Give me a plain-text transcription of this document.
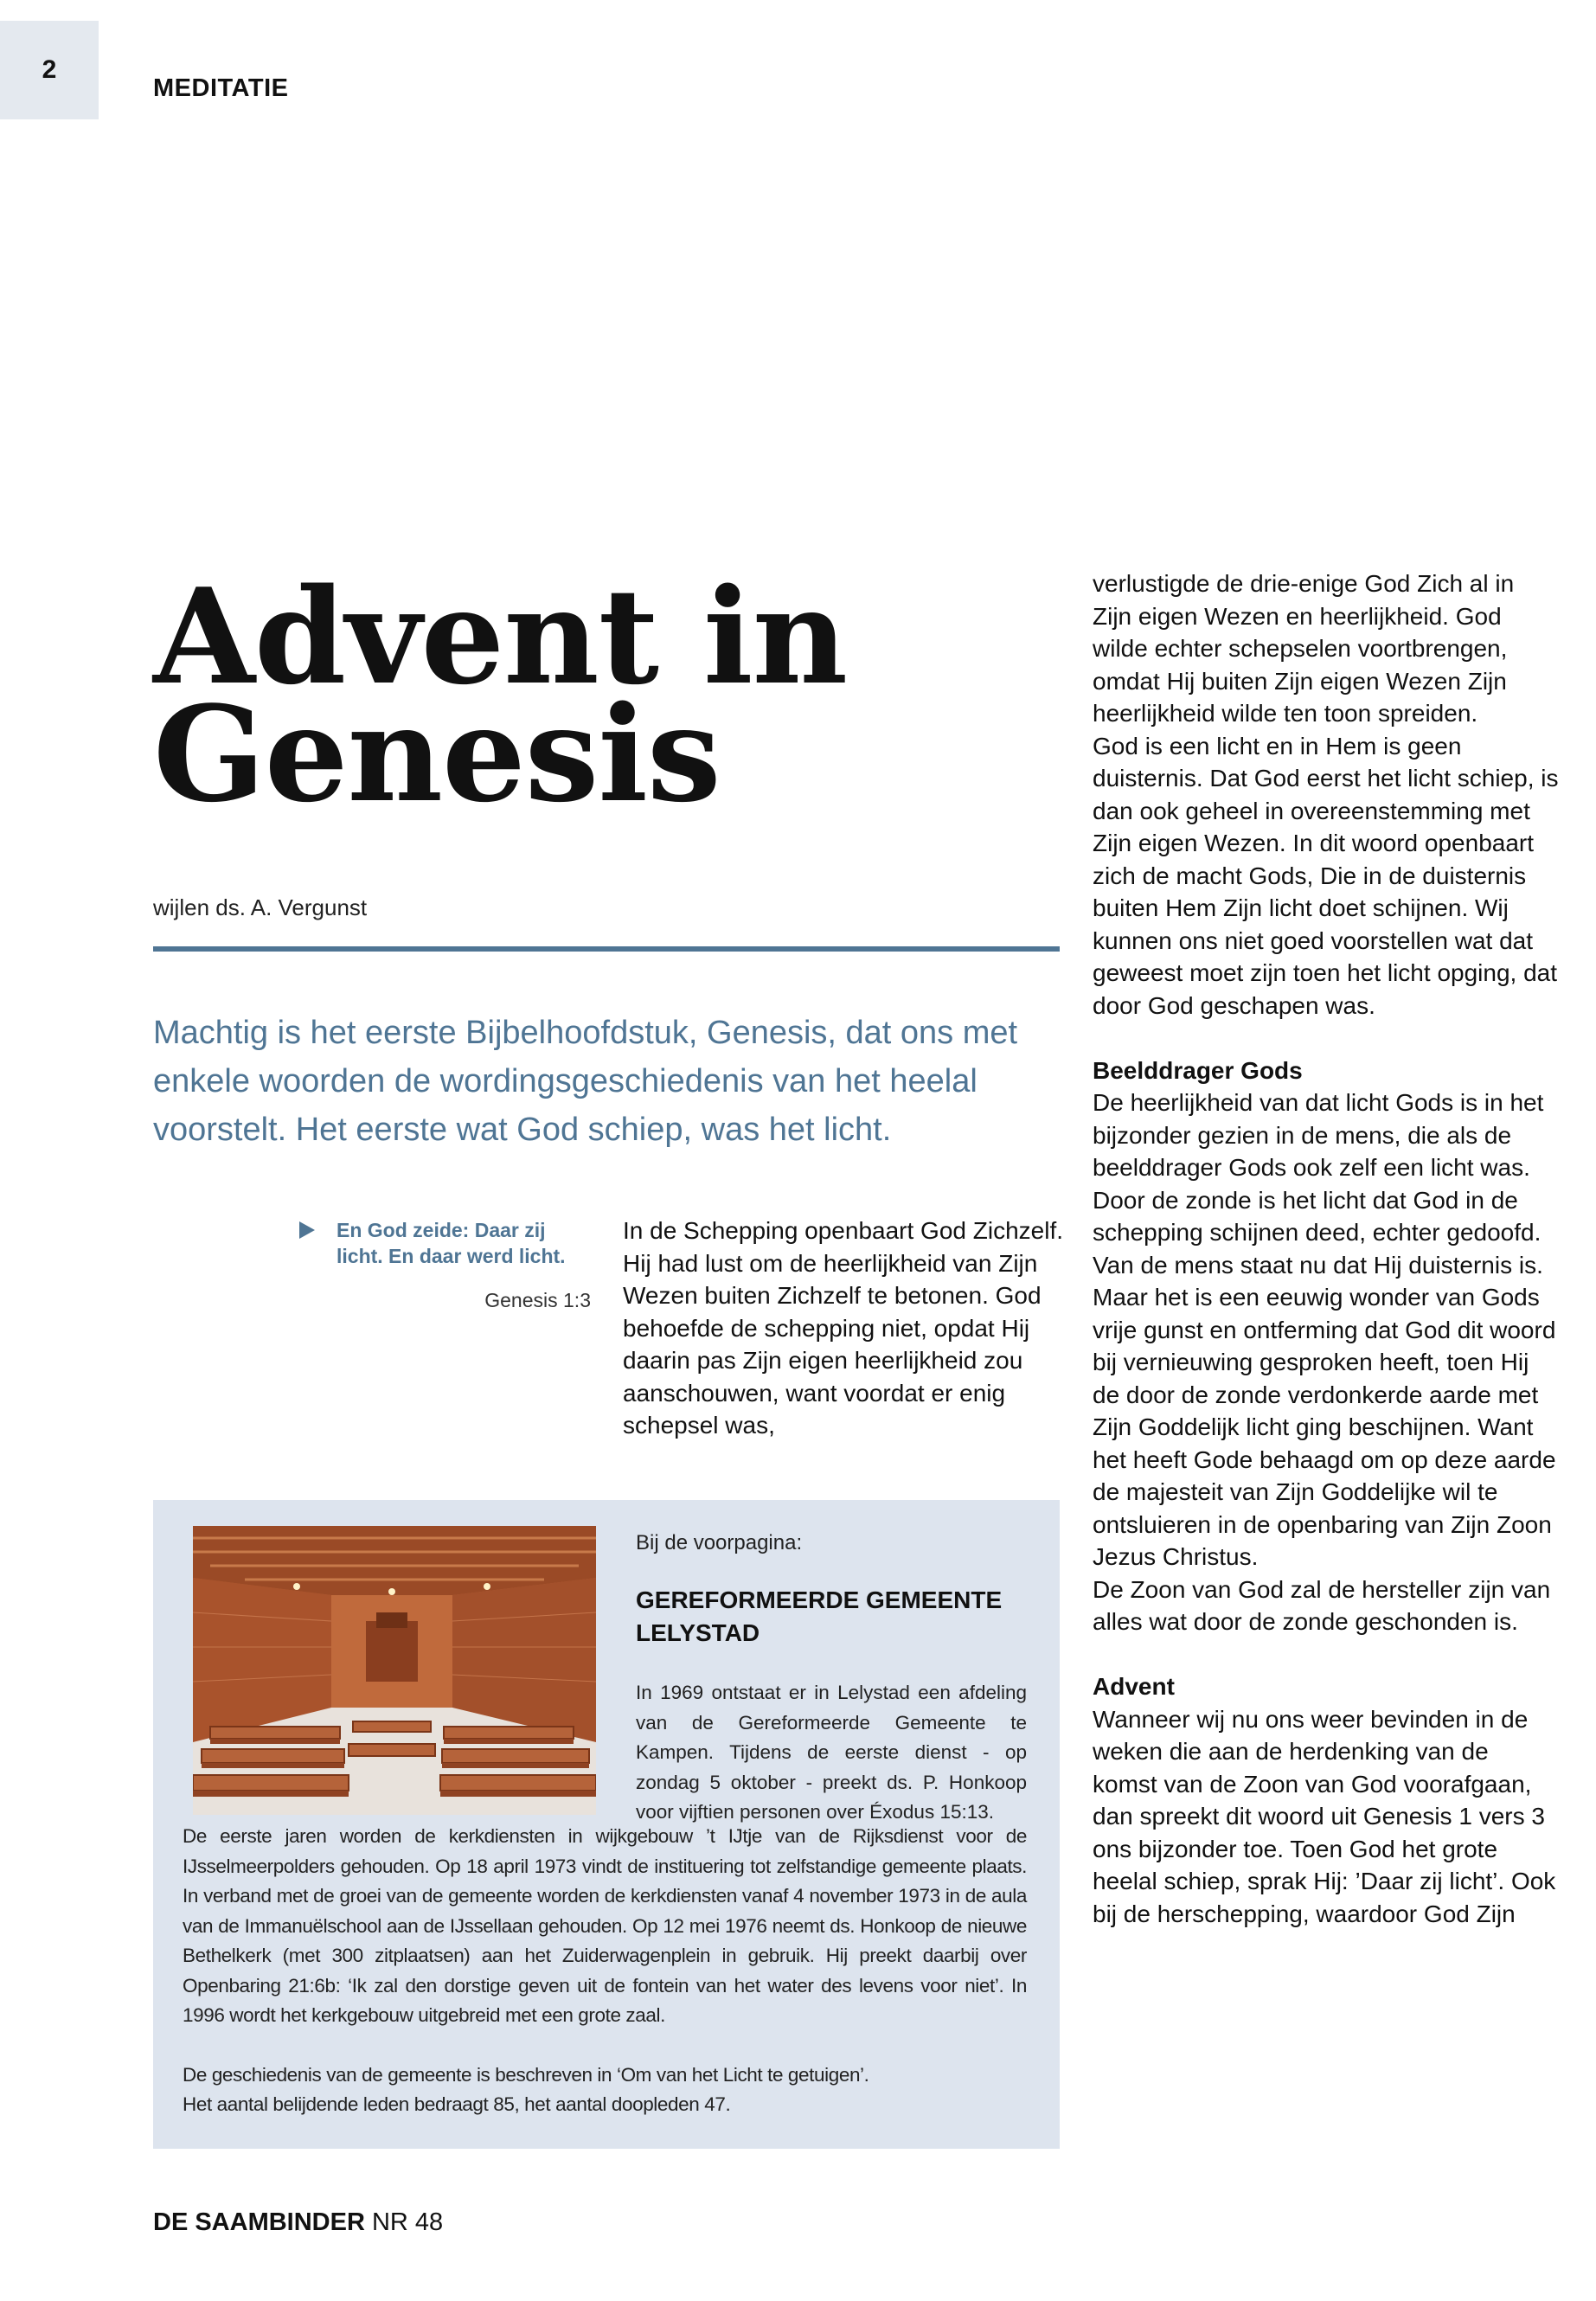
2
MEDITATIE
Advent in
Genesis
wijlen ds. A. Vergunst
Machtig is het eerste Bijbelhoofdstuk, Genesis, dat ons met enkele woorden de wordingsgeschiedenis van het heelal voorstelt. Het eerste wat God schiep, was het licht.
En God zeide: Daar zij licht. En daar werd licht.
Genesis 1:3

In de Schepping openbaart God Zichzelf. Hij had lust om de heerlijkheid van Zijn Wezen buiten Zichzelf te betonen. God behoefde de schepping niet, opdat Hij daarin pas Zijn eigen heerlijkheid zou aanschouwen, want voordat er enig schepsel was,

verlustigde de drie-enige God Zich al in Zijn eigen Wezen en heerlijkheid. God wilde echter schepselen voortbrengen, omdat Hij buiten Zijn eigen Wezen Zijn heerlijkheid wilde ten toon spreiden.

God is een licht en in Hem is geen duisternis. Dat God eerst het licht schiep, is dan ook geheel in overeenstemming met Zijn eigen Wezen. In dit woord openbaart zich de macht Gods, Die in de duisternis buiten Hem Zijn licht doet schijnen. Wij kunnen ons niet goed voorstellen wat dat geweest moet zijn toen het licht opging, dat door God geschapen was.

Beelddrager Gods

De heerlijkheid van dat licht Gods is in het bijzonder gezien in de mens, die als de beelddrager Gods ook zelf een licht was. Door de zonde is het licht dat God in de schepping schijnen deed, echter gedoofd. Van de mens staat nu dat Hij duisternis is. Maar het is een eeuwig wonder van Gods vrije gunst en ontferming dat God dit woord bij vernieuwing gesproken heeft, toen Hij de door de zonde verdonkerde aarde met Zijn Goddelijk licht ging beschijnen. Want het heeft Gode behaagd om op deze aarde de majesteit van Zijn Goddelijke wil te ontsluieren in de openbaring van Zijn Zoon Jezus Christus.

De Zoon van God zal de hersteller zijn van alles wat door de zonde geschonden is.

Advent

Wanneer wij nu ons weer bevinden in de weken die aan de herdenking van de komst van de Zoon van God voorafgaan, dan spreekt dit woord uit Genesis 1 vers 3 ons bijzonder toe. Toen God het grote heelal schiep, sprak Hij: ’Daar zij licht’. Ook bij de herschepping, waardoor God Zijn

Bij de voorpagina:
GEREFORMEERDE GEMEENTE LELYSTAD

In 1969 ontstaat er in Lelystad een afdeling van de Gereformeerde Gemeente te Kampen. Tijdens de eerste dienst - op zondag 5 oktober - preekt ds. P. Honkoop voor vijftien personen over Éxodus 15:13.

De eerste jaren worden de kerkdiensten in wijkgebouw ’t IJtje van de Rijksdienst voor de IJsselmeerpolders gehouden. Op 18 april 1973 vindt de instituering tot zelfstandige gemeente plaats. In verband met de groei van de gemeente worden de kerkdiensten vanaf 4 november 1973 in de aula van de Immanuëlschool aan de IJssellaan gehouden. Op 12 mei 1976 neemt ds. Honkoop de nieuwe Bethelkerk (met 300 zitplaatsen) aan het Zuiderwagenplein in gebruik. Hij preekt daarbij over Openbaring 21:6b: ‘Ik zal den dorstige geven uit de fontein van het water des levens voor niet’. In 1996 wordt het kerkgebouw uitgebreid met een grote zaal.

De geschiedenis van de gemeente is beschreven in ‘Om van het Licht te getuigen’.

Het aantal belijdende leden bedraagt 85, het aantal doopleden 47.

DE SAAMBINDER NR 48
